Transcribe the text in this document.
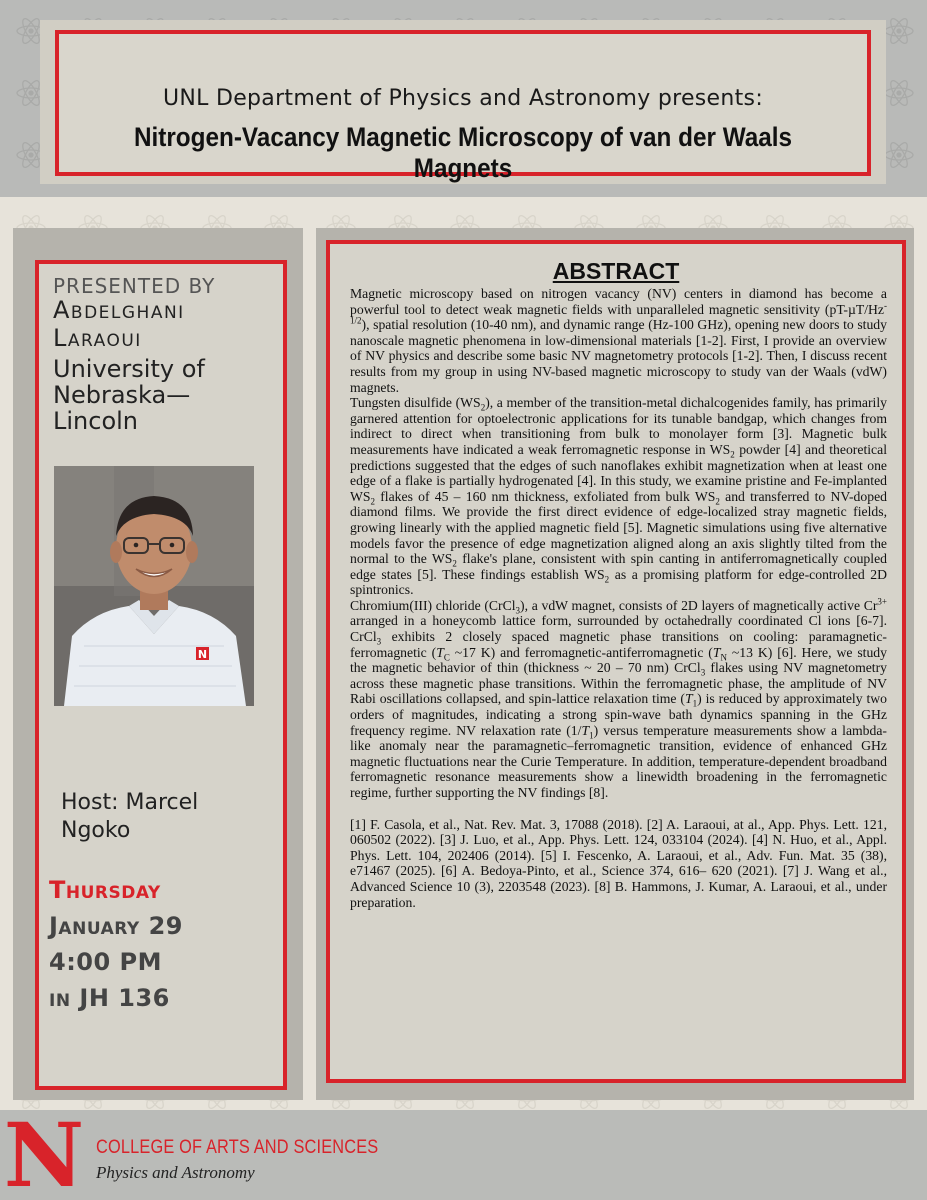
UNL Department of Physics and Astronomy presents:
Nitrogen-Vacancy Magnetic Microscopy of van der Waals Magnets
PRESENTED BY
Abdelghani
Laraoui
University of
Nebraska—
Lincoln
N
Host: Marcel Ngoko
Thursday
January 29
4:00 PM
in JH 136
ABSTRACT

Magnetic microscopy based on nitrogen vacancy (NV) centers in diamond has become a powerful tool to detect weak magnetic fields with unparalleled magnetic sensitivity $(pT-\mu T/Hz^{-1/2})$, spatial resolution (10-40 nm), and dynamic range (Hz-100 GHz), opening new doors to study nanoscale magnetic phenomena in low-dimensional materials [1-2]. First, I provide an overview of NV physics and describe some basic NV magnetometry protocols [1-2]. Then, I discuss recent results from my group in using NV-based magnetic microscopy to study van der Waals (vdW) magnets.

Tungsten disulfide $(WS_2)$, a member of the transition-metal dichalcogenides family, has primarily garnered attention for optoelectronic applications for its tunable bandgap, which changes from indirect to direct when transitioning from bulk to monolayer form [3]. Magnetic bulk measurements have indicated a weak ferromagnetic response in $WS_2$ powder [4] and theoretical predictions suggested that the edges of such nanoflakes exhibit magnetization when at least one edge of a flake is partially hydrogenated [4]. In this study, we examine pristine and Fe-implanted $WS_2$ flakes of 45 – 160 nm thickness, exfoliated from bulk $WS_2$ and transferred to NV-doped diamond films. We provide the first direct evidence of edge-localized stray magnetic fields, growing linearly with the applied magnetic field [5]. Magnetic simulations using five alternative models favor the presence of edge magnetization aligned along an axis slightly tilted from the normal to the $WS_2$ flake's plane, consistent with spin canting in antiferromagnetically coupled edge states [5]. These findings establish $WS_2$ as a promising platform for edge-controlled 2D spintronics.

Chromium(III) chloride (CrCl$_3$), a vdW magnet, consists of 2D layers of magnetically active $Cr^{3+}$ arranged in a honeycomb lattice form, surrounded by octahedrally coordinated Cl ions [6-7]. CrCl$_3$ exhibits 2 closely spaced magnetic phase transitions on cooling: paramagnetic-ferromagnetic ($T_C$ ~17 K) and ferromagnetic-antiferromagnetic ($T_N$ ~13 K) [6]. Here, we study the magnetic behavior of thin (thickness ~ 20 – 70 nm) CrCl$_3$ flakes using NV magnetometry across these magnetic phase transitions. Within the ferromagnetic phase, the amplitude of NV Rabi oscillations collapsed, and spin-lattice relaxation time $(T_1)$ is reduced by approximately two orders of magnitudes, indicating a strong spin-wave bath dynamics spanning in the GHz frequency regime. NV relaxation rate $(1/T_1)$ versus temperature measurements show a lambda-like anomaly near the paramagnetic–ferromagnetic transition, evidence of enhanced GHz magnetic fluctuations near the Curie Temperature. In addition, temperature-dependent broadband ferromagnetic resonance measurements show a linewidth broadening in the ferromagnetic regime, further supporting the NV findings [8].

[1] F. Casola, et al., Nat. Rev. Mat. 3, 17088 (2018). [2] A. Laraoui, at al., App. Phys. Lett. 121, 060502 (2022). [3] J. Luo, et al., App. Phys. Lett. 124, 033104 (2024). [4] N. Huo, et al., Appl. Phys. Lett. 104, 202406 (2014). [5] I. Fescenko, A. Laraoui, et al., Adv. Fun. Mat. 35 (38), e71467 (2025). [6] A. Bedoya-Pinto, et al., Science 374, 616– 620 (2021). [7] J. Wang et al., Advanced Science 10 (3), 2203548 (2023). [8] B. Hammons, J. Kumar, A. Laraoui, et al., under preparation.

N COLLEGE OF ARTS AND SCIENCES
Physics and Astronomy
